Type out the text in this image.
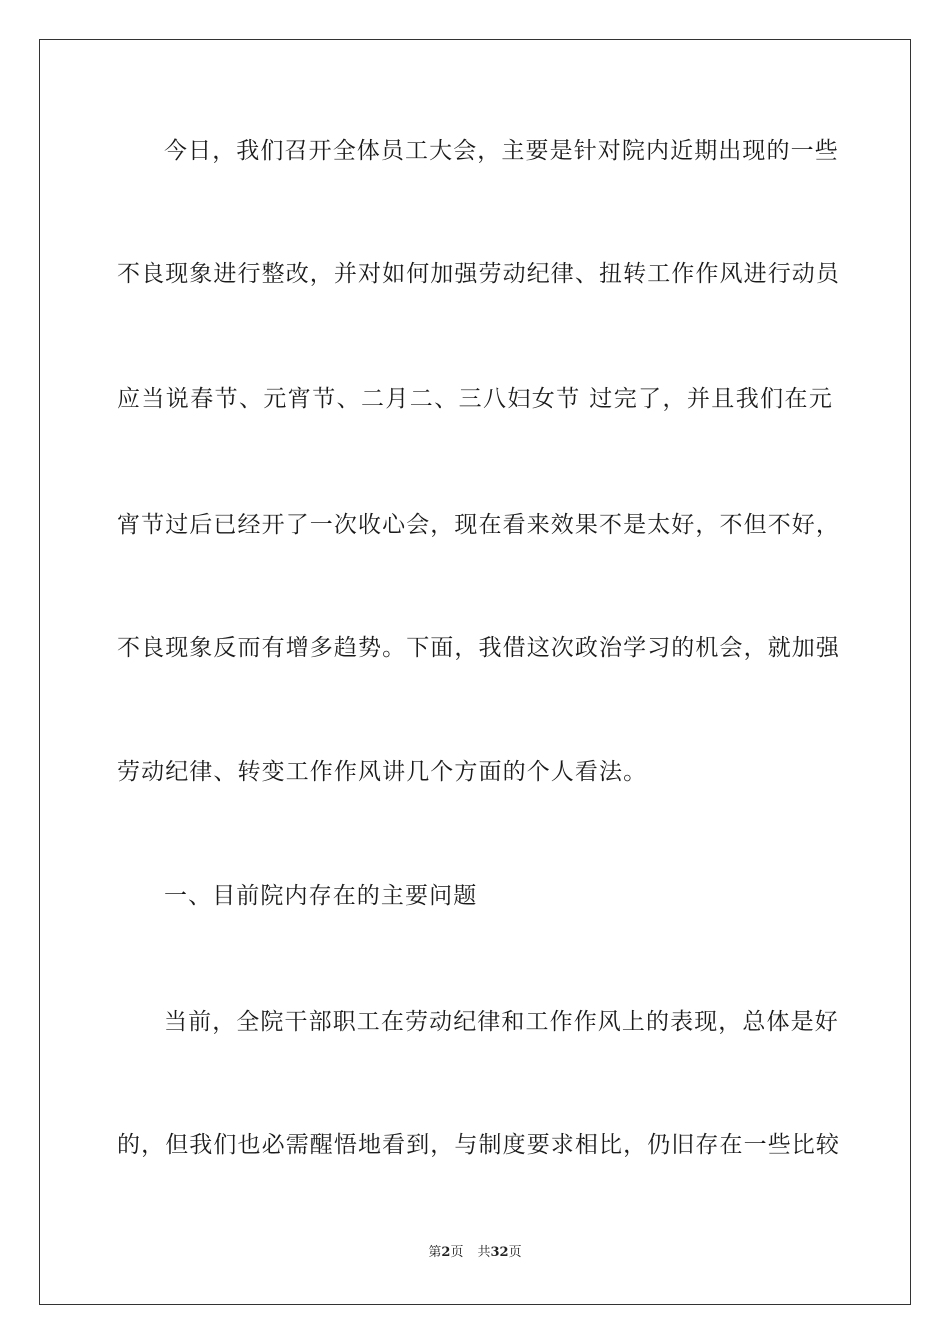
今日，我们召开全体员工大会，主要是针对院内近期出现的一些
不良现象进行整改，并对如何加强劳动纪律、扭转工作作风进行动员
应当说春节、元宵节、二月二、三八妇女节 过完了，并且我们在元
宵节过后已经开了一次收心会，现在看来效果不是太好，不但不好，
不良现象反而有增多趋势。下面，我借这次政治学习的机会，就加强
劳动纪律、转变工作作风讲几个方面的个人看法。
一、目前院内存在的主要问题
当前，全院干部职工在劳动纪律和工作作风上的表现，总体是好
的，但我们也必需醒悟地看到，与制度要求相比，仍旧存在一些比较
第2页 共32页
